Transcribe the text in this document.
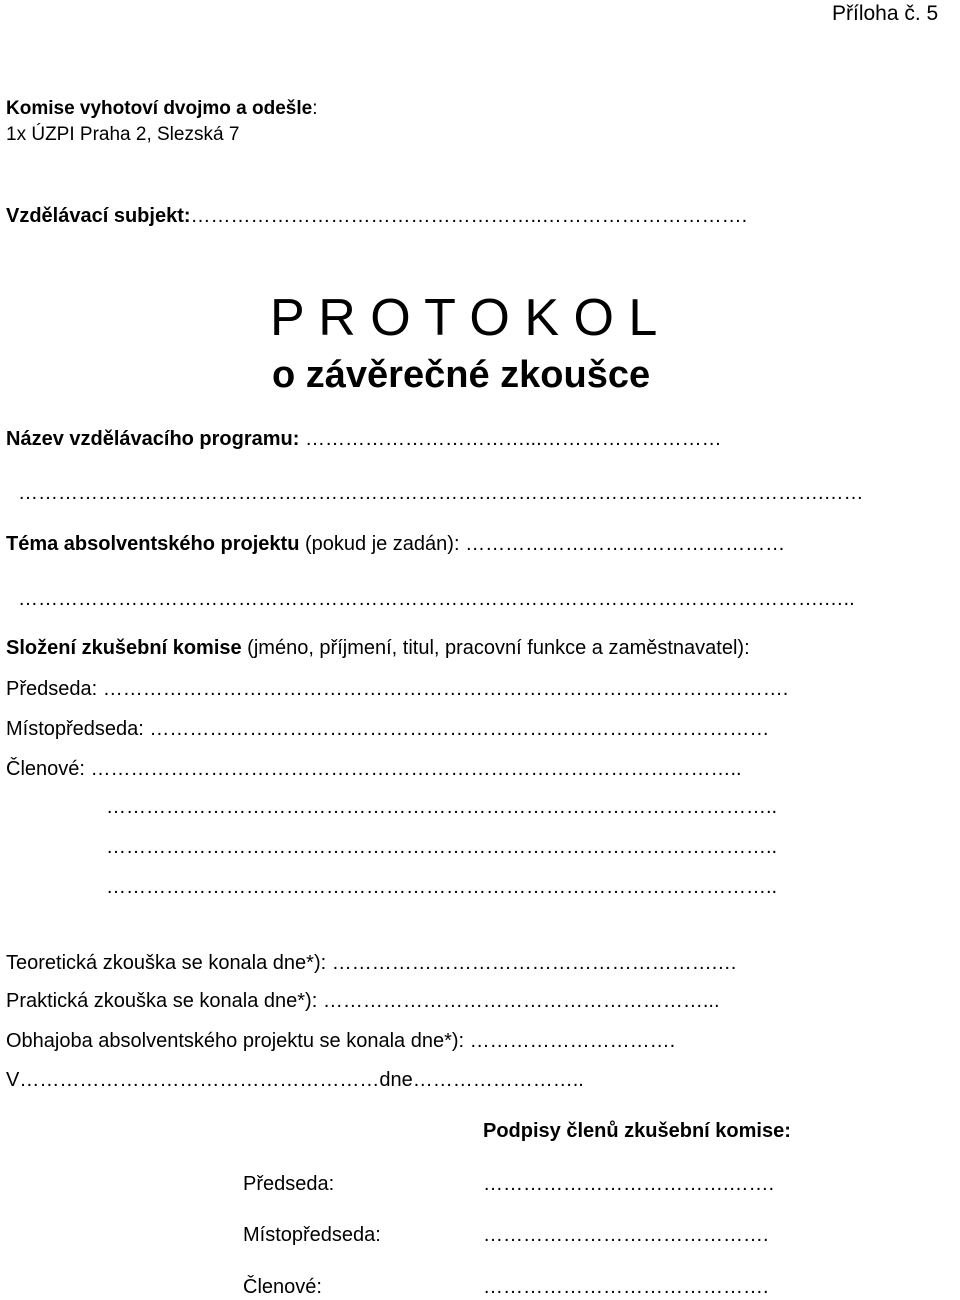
Příloha č. 5
Komise vyhotoví dvojmo a odešle:
1x ÚZPI Praha 2, Slezská 7
Vzdělávací subjekt:……………………………………………..………………………….
P R O T O K O L
o závěrečné zkoušce
Název vzdělávacího programu: ……………………………...………………………
………………………………………………………………………………………………………….……
Téma absolventského projektu (pokud je zadán): …………………………………………
………………………………………………………………………………………………………….…..
Složení zkušební komise (jméno, příjmení, titul, pracovní funkce a zaměstnavatel):
Předseda: ………………………………………………………………………………………….
Místopředseda: …………………………………………………………………………………
Členové: ……………………………………………………………………………………..
………………………………………………………………………………………..
………………………………………………………………………………………..
………………………………………………………………………………………..
Teoretická zkouška se konala dne*): ………………………………………………….…
Praktická zkouška se konala dne*): …………………………………………………...
Obhajoba absolventského projektu se konala dne*): ………………………….
V………………………………………………dne……………………..
Podpisy členů zkušební komise:
Předseda:	……………………………….…….
Místopředseda:	…………………………………….
Členové:	…………………………………….
